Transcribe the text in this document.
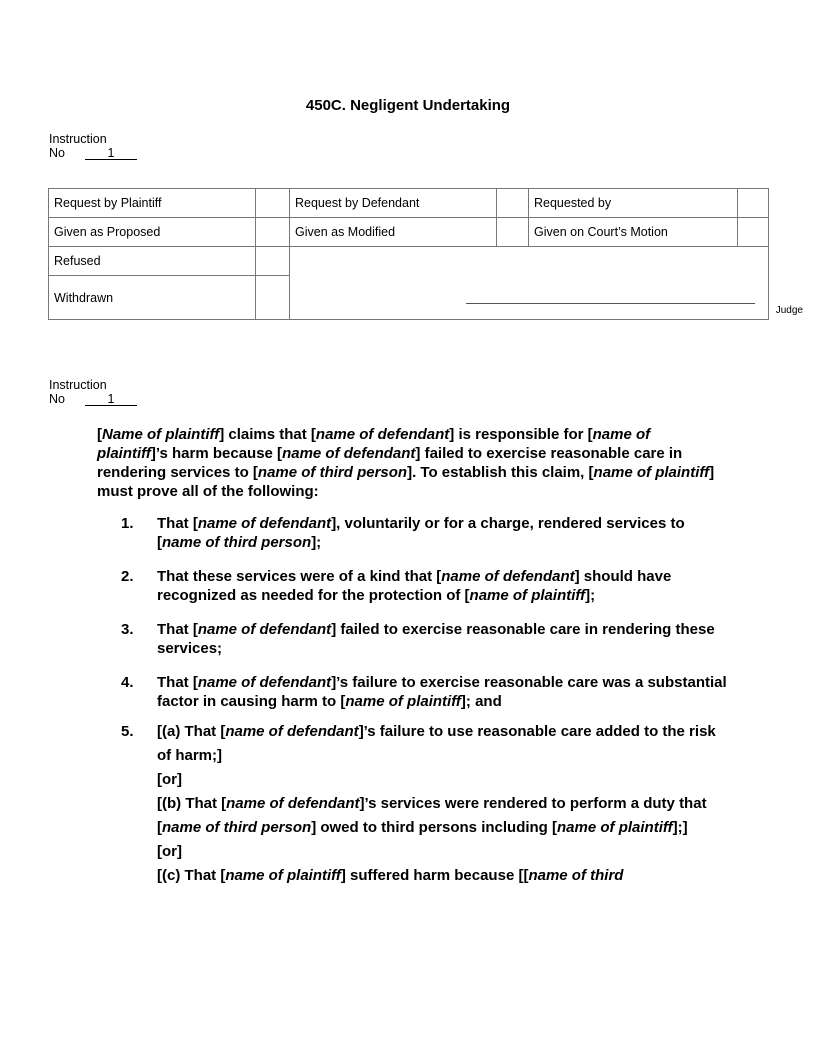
450C. Negligent Undertaking
Instruction
No	1
Request by Plaintiff		Request by Defendant		Requested by	
Given as Proposed		Given as Modified		Given on Court’s Motion	
Refused					
Withdrawn					
Judge
Instruction
No	1
[Name of plaintiff] claims that [name of defendant] is responsible for [name of plaintiff]’s harm because [name of defendant] failed to exercise reasonable care in rendering services to [name of third person]. To establish this claim, [name of plaintiff] must prove all of the following:
1.	That [name of defendant], voluntarily or for a charge, rendered services to [name of third person];
2.	That these services were of a kind that [name of defendant] should have recognized as needed for the protection of [name of plaintiff];
3.	That [name of defendant] failed to exercise reasonable care in rendering these services;
4.	That [name of defendant]’s failure to exercise reasonable care was a substantial factor in causing harm to [name of plaintiff]; and
5.	[(a) That [name of defendant]’s failure to use reasonable care added to the risk of harm;]
[or]
[(b) That [name of defendant]’s services were rendered to perform a duty that [name of third person] owed to third persons including [name of plaintiff];]
[or]
[(c) That [name of plaintiff] suffered harm because [[name of third
